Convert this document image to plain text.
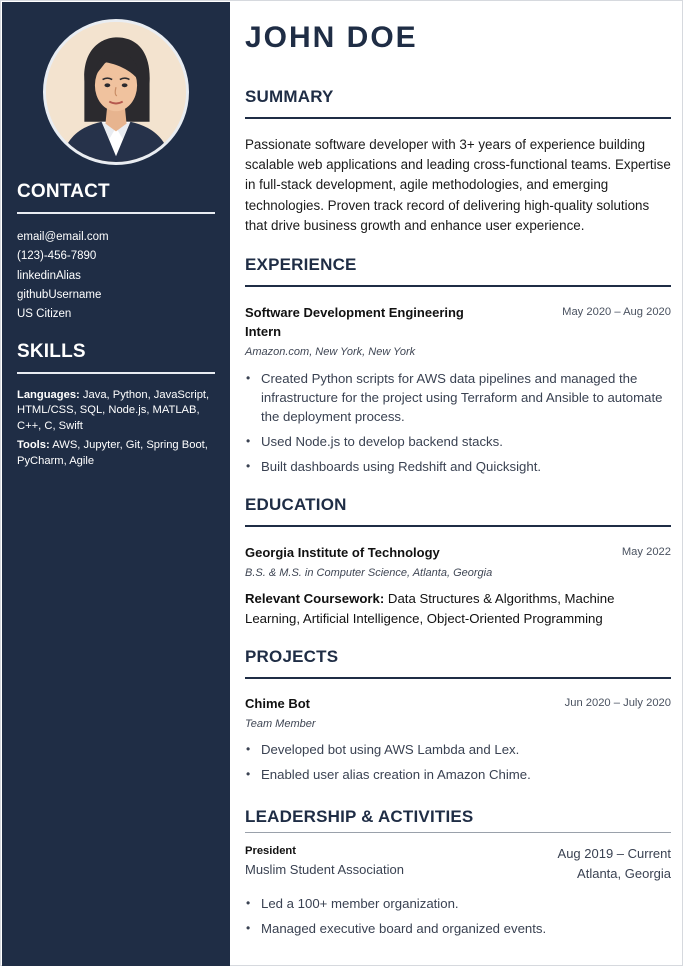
CONTACT
email@email.com
(123)-456-7890
linkedinAlias
githubUsername
US Citizen
SKILLS

Languages: Java, Python, JavaScript, HTML/CSS, SQL, Node.js, MATLAB, C++, C, Swift

Tools: AWS, Jupyter, Git, Spring Boot, PyCharm, Agile

JOHN DOE
SUMMARY

Passionate software developer with 3+ years of experience building scalable web applications and leading cross-functional teams. Expertise in full-stack development, agile methodologies, and emerging technologies. Proven track record of delivering high-quality solutions that drive business growth and enhance user experience.

EXPERIENCE
Software Development Engineering Intern
May 2020 – Aug 2020
Amazon.com, New York, New York
• Created Python scripts for AWS data pipelines and managed the infrastructure for the project using Terraform and Ansible to automate the deployment process.
• Used Node.js to develop backend stacks.
• Built dashboards using Redshift and Quicksight.
EDUCATION
Georgia Institute of Technology	May 2022
B.S. & M.S. in Computer Science, Atlanta, Georgia

Relevant Coursework: Data Structures & Algorithms, Machine Learning, Artificial Intelligence, Object-Oriented Programming

PROJECTS
Chime Bot	Jun 2020 – July 2020
Team Member
• Developed bot using AWS Lambda and Lex.
• Enabled user alias creation in Amazon Chime.
LEADERSHIP & ACTIVITIES
President
Muslim Student Association
Aug 2019 – Current
Atlanta, Georgia
• Led a 100+ member organization.
• Managed executive board and organized events.
